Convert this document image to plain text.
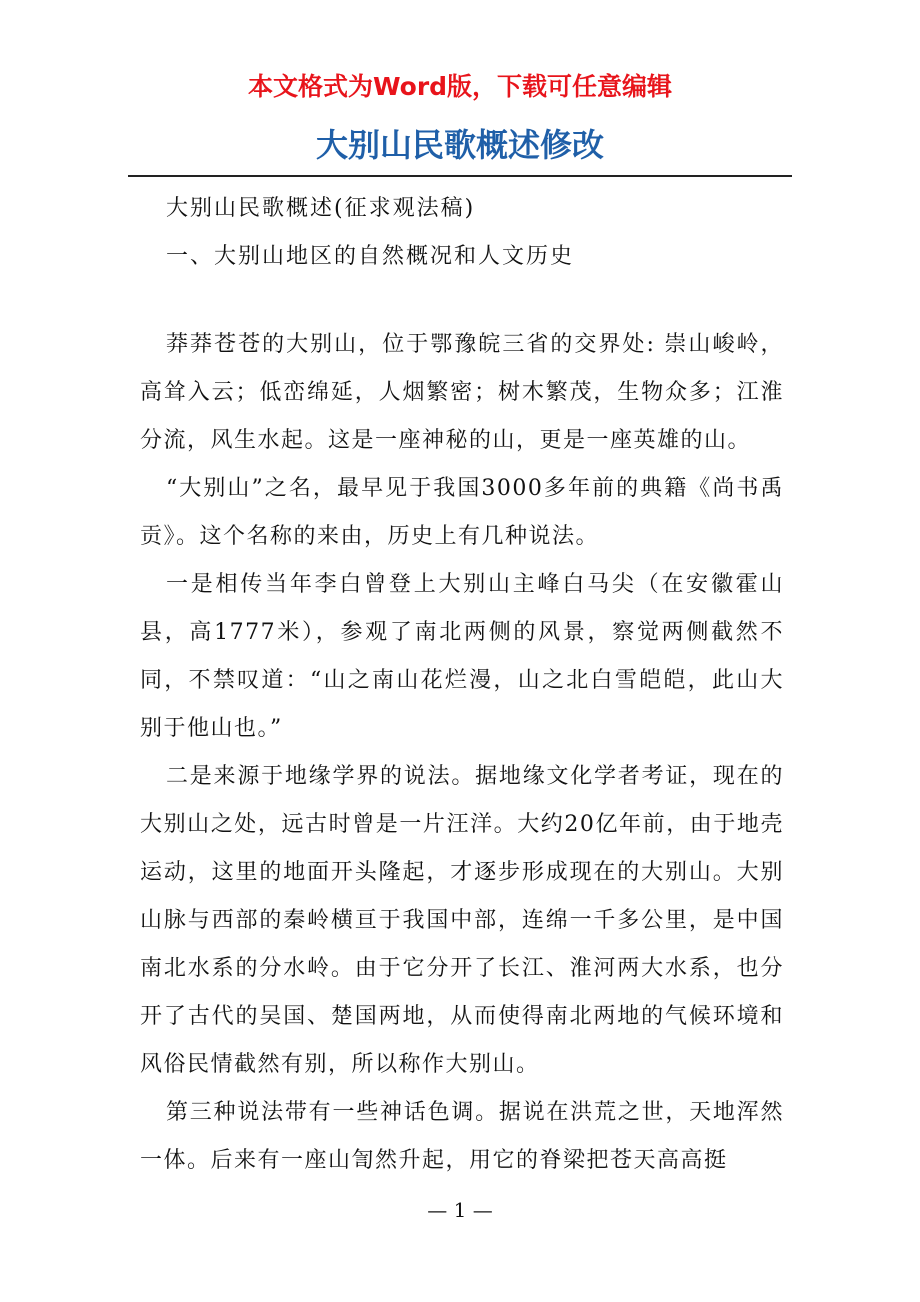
本文格式为Word版，下载可任意编辑
大别山民歌概述修改

大别山民歌概述(征求观法稿)

一、大别山地区的自然概况和人文历史

莽莽苍苍的大别山，位于鄂豫皖三省的交界处: 崇山峻岭，高耸入云；低峦绵延，人烟繁密；树木繁茂，生物众多；江淮分流，风生水起。这是一座神秘的山，更是一座英雄的山。

“大别山”之名，最早见于我国3000多年前的典籍《尚书禹贡》。这个名称的来由，历史上有几种说法。

一是相传当年李白曾登上大别山主峰白马尖（在安徽霍山县，高1777米），参观了南北两侧的风景，察觉两侧截然不同，不禁叹道：“山之南山花烂漫，山之北白雪皑皑，此山大别于他山也。”

二是来源于地缘学界的说法。据地缘文化学者考证，现在的大别山之处，远古时曾是一片汪洋。大约20亿年前，由于地壳运动，这里的地面开头隆起，才逐步形成现在的大别山。大别山脉与西部的秦岭横亘于我国中部，连绵一千多公里，是中国南北水系的分水岭。由于它分开了长江、淮河两大水系，也分开了古代的吴国、楚国两地，从而使得南北两地的气候环境和风俗民情截然有别，所以称作大别山。

第三种说法带有一些神话色调。据说在洪荒之世，天地浑然一体。后来有一座山訇然升起，用它的脊梁把苍天高高挺

— 1 —
